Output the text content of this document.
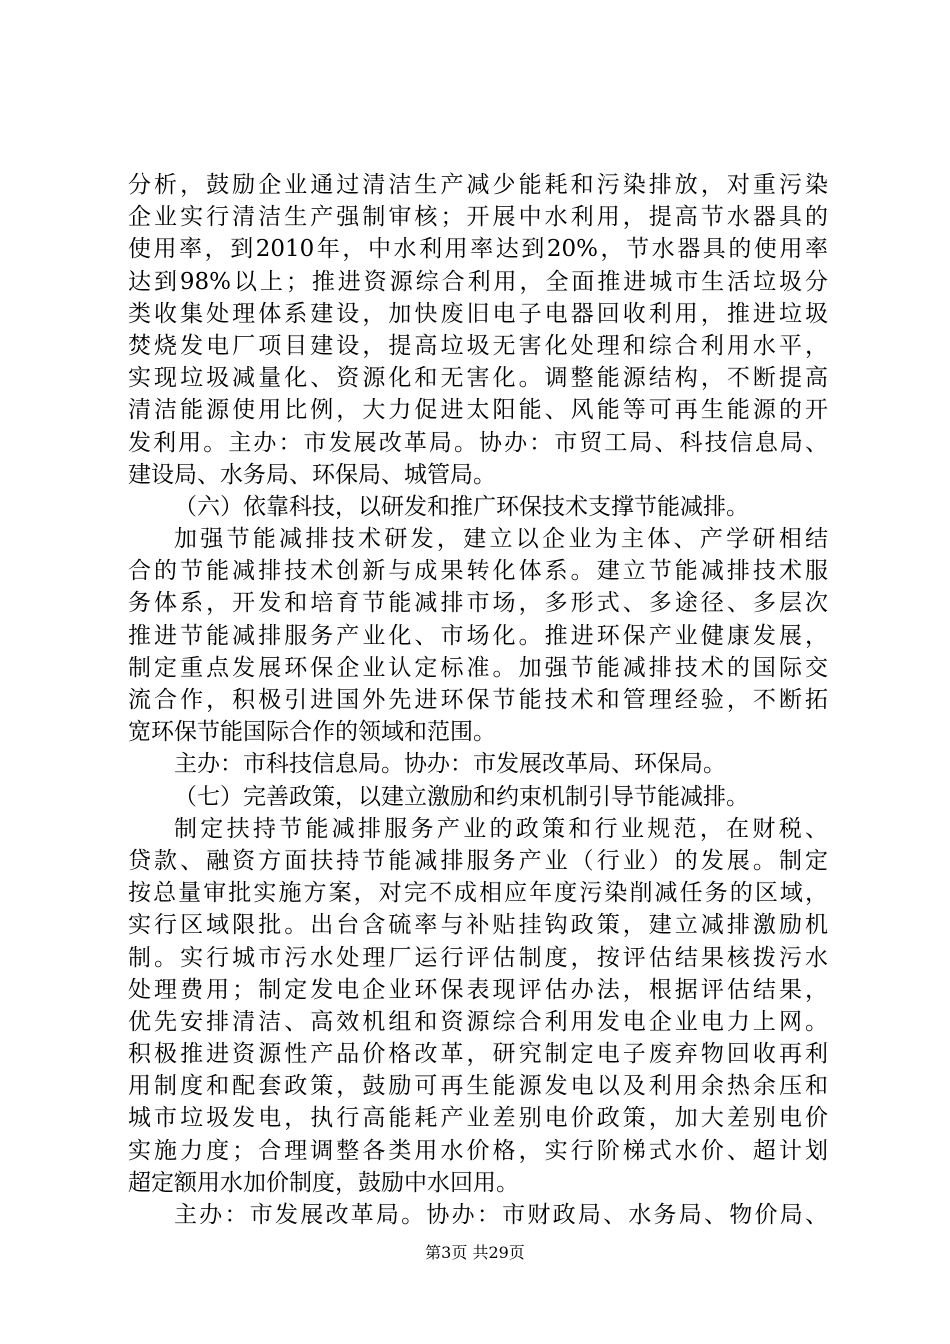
分析，鼓励企业通过清洁生产减少能耗和污染排放，对重污染
企业实行清洁生产强制审核；开展中水利用，提高节水器具的
使用率，到2010年，中水利用率达到20%，节水器具的使用率
达到98%以上；推进资源综合利用，全面推进城市生活垃圾分
类收集处理体系建设，加快废旧电子电器回收利用，推进垃圾
焚烧发电厂项目建设，提高垃圾无害化处理和综合利用水平，
实现垃圾减量化、资源化和无害化。调整能源结构，不断提高
清洁能源使用比例，大力促进太阳能、风能等可再生能源的开
发利用。主办：市发展改革局。协办：市贸工局、科技信息局、
建设局、水务局、环保局、城管局。
（六）依靠科技，以研发和推广环保技术支撑节能减排。
加强节能减排技术研发，建立以企业为主体、产学研相结
合的节能减排技术创新与成果转化体系。建立节能减排技术服
务体系，开发和培育节能减排市场，多形式、多途径、多层次
推进节能减排服务产业化、市场化。推进环保产业健康发展，
制定重点发展环保企业认定标准。加强节能减排技术的国际交
流合作，积极引进国外先进环保节能技术和管理经验，不断拓
宽环保节能国际合作的领域和范围。
主办：市科技信息局。协办：市发展改革局、环保局。
（七）完善政策，以建立激励和约束机制引导节能减排。
制定扶持节能减排服务产业的政策和行业规范，在财税、
贷款、融资方面扶持节能减排服务产业（行业）的发展。制定
按总量审批实施方案，对完不成相应年度污染削减任务的区域，
实行区域限批。出台含硫率与补贴挂钩政策，建立减排激励机
制。实行城市污水处理厂运行评估制度，按评估结果核拨污水
处理费用；制定发电企业环保表现评估办法，根据评估结果，
优先安排清洁、高效机组和资源综合利用发电企业电力上网。
积极推进资源性产品价格改革，研究制定电子废弃物回收再利
用制度和配套政策，鼓励可再生能源发电以及利用余热余压和
城市垃圾发电，执行高能耗产业差别电价政策，加大差别电价
实施力度；合理调整各类用水价格，实行阶梯式水价、超计划
超定额用水加价制度，鼓励中水回用。
主办：市发展改革局。协办：市财政局、水务局、物价局、
第3页 共29页
